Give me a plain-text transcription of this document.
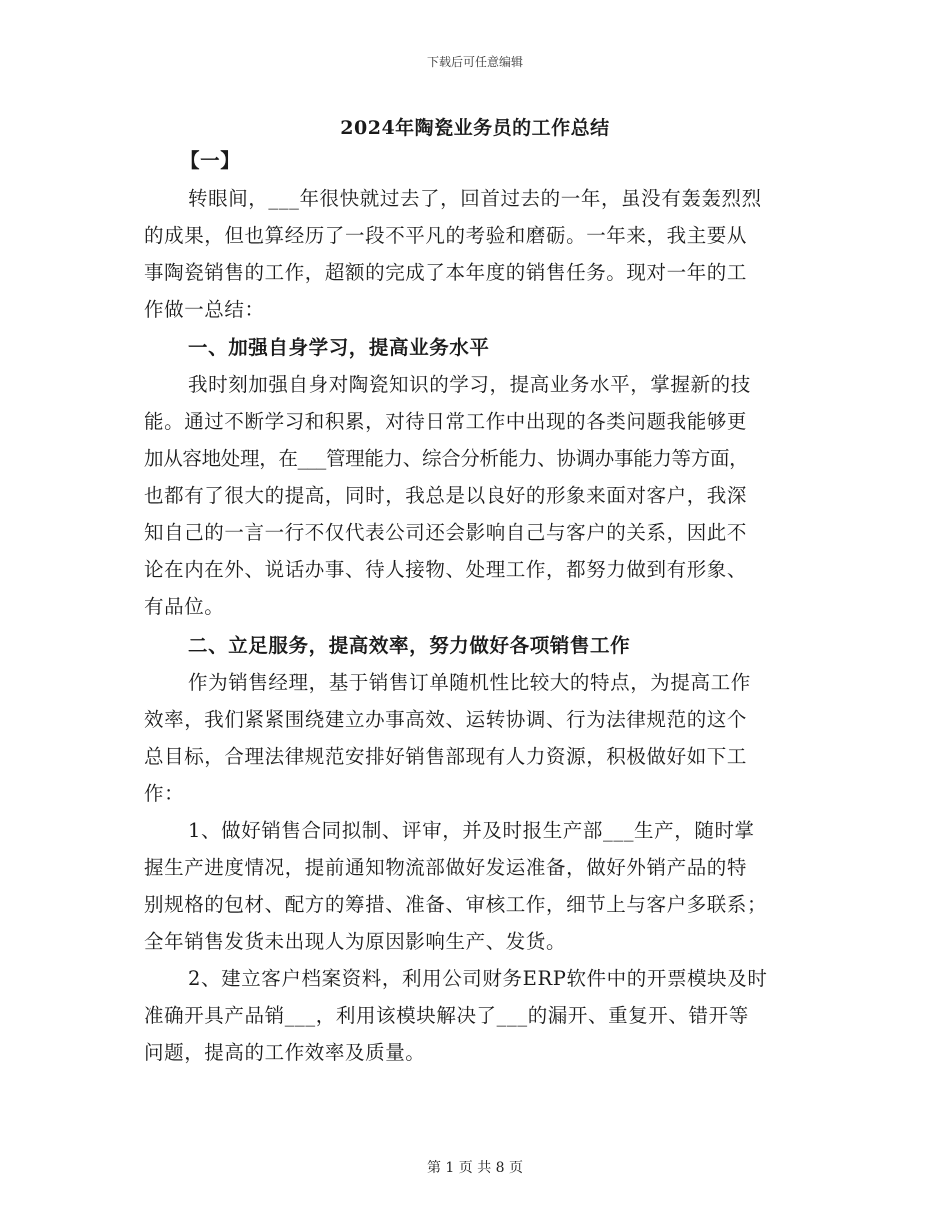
下载后可任意编辑
2024年陶瓷业务员的工作总结
【一】
转眼间，___年很快就过去了，回首过去的一年，虽没有轰轰烈烈
的成果，但也算经历了一段不平凡的考验和磨砺。一年来，我主要从
事陶瓷销售的工作，超额的完成了本年度的销售任务。现对一年的工
作做一总结：
一、加强自身学习，提高业务水平
我时刻加强自身对陶瓷知识的学习，提高业务水平，掌握新的技
能。通过不断学习和积累，对待日常工作中出现的各类问题我能够更
加从容地处理，在___管理能力、综合分析能力、协调办事能力等方面，
也都有了很大的提高，同时，我总是以良好的形象来面对客户，我深
知自己的一言一行不仅代表公司还会影响自己与客户的关系，因此不
论在内在外、说话办事、待人接物、处理工作，都努力做到有形象、
有品位。
二、立足服务，提高效率，努力做好各项销售工作
作为销售经理，基于销售订单随机性比较大的特点，为提高工作
效率，我们紧紧围绕建立办事高效、运转协调、行为法律规范的这个
总目标，合理法律规范安排好销售部现有人力资源，积极做好如下工
作：
1、做好销售合同拟制、评审，并及时报生产部___生产，随时掌
握生产进度情况，提前通知物流部做好发运准备，做好外销产品的特
别规格的包材、配方的筹措、准备、审核工作，细节上与客户多联系；
全年销售发货未出现人为原因影响生产、发货。
2、建立客户档案资料，利用公司财务ERP软件中的开票模块及时
准确开具产品销___，利用该模块解决了___的漏开、重复开、错开等
问题，提高的工作效率及质量。
第 1 页 共 8 页
